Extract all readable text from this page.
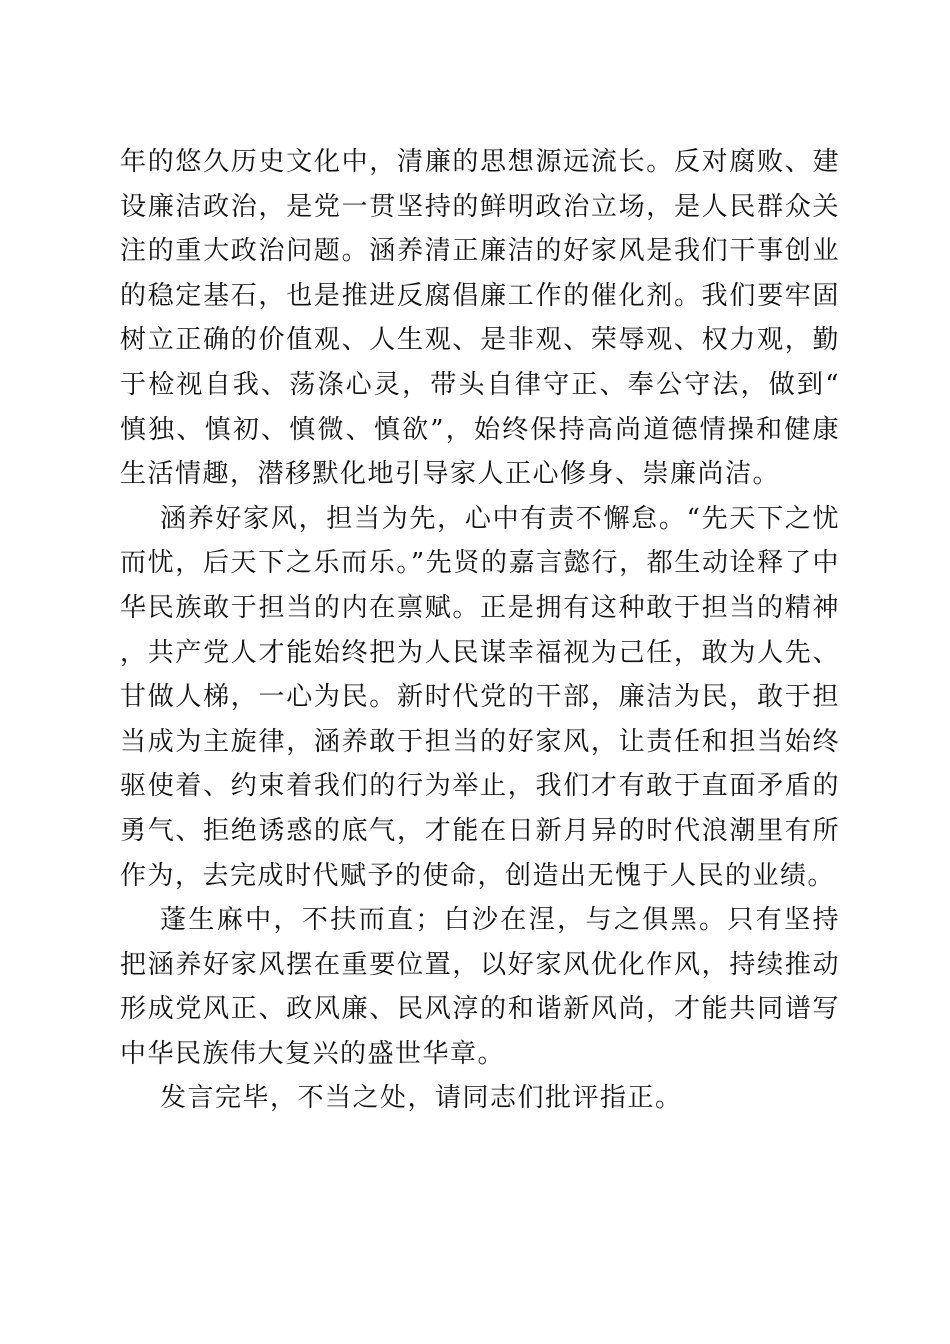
年的悠久历史文化中，清廉的思想源远流长。反对腐败、建设廉洁政治，是党一贯坚持的鲜明政治立场，是人民群众关注的重大政治问题。涵养清正廉洁的好家风是我们干事创业的稳定基石，也是推进反腐倡廉工作的催化剂。我们要牢固树立正确的价值观、人生观、是非观、荣辱观、权力观，勤于检视自我、荡涤心灵，带头自律守正、奉公守法，做到“慎独、慎初、慎微、慎欲”，始终保持高尚道德情操和健康生活情趣，潜移默化地引导家人正心修身、崇廉尚洁。

涵养好家风，担当为先，心中有责不懈怠。“先天下之忧而忧，后天下之乐而乐。”先贤的嘉言懿行，都生动诠释了中华民族敢于担当的内在禀赋。正是拥有这种敢于担当的精神，共产党人才能始终把为人民谋幸福视为己任，敢为人先、甘做人梯，一心为民。新时代党的干部，廉洁为民，敢于担当成为主旋律，涵养敢于担当的好家风，让责任和担当始终驱使着、约束着我们的行为举止，我们才有敢于直面矛盾的勇气、拒绝诱惑的底气，才能在日新月异的时代浪潮里有所作为，去完成时代赋予的使命，创造出无愧于人民的业绩。

蓬生麻中，不扶而直；白沙在涅，与之俱黑。只有坚持把涵养好家风摆在重要位置，以好家风优化作风，持续推动形成党风正、政风廉、民风淳的和谐新风尚，才能共同谱写中华民族伟大复兴的盛世华章。

发言完毕，不当之处，请同志们批评指正。
